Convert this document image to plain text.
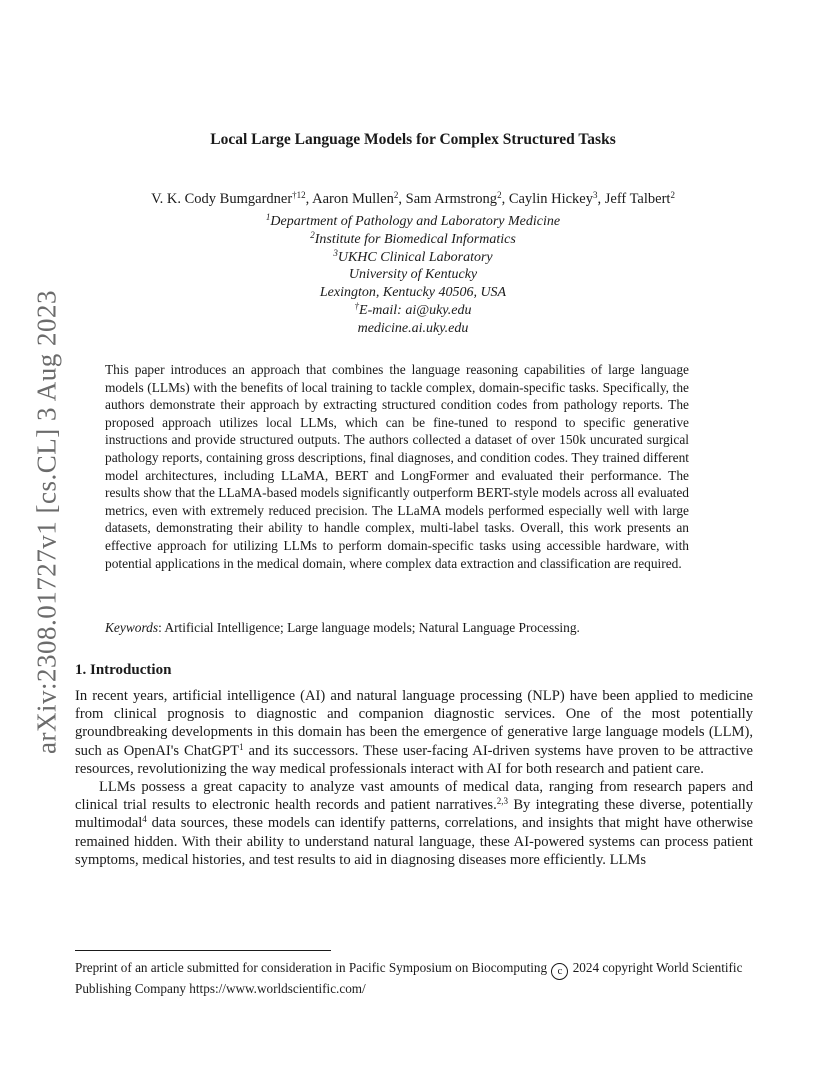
arXiv:2308.01727v1 [cs.CL] 3 Aug 2023
Local Large Language Models for Complex Structured Tasks
V. K. Cody Bumgardner$^{\dagger 12}$, Aaron Mullen$^2$, Sam Armstrong$^2$, Caylin Hickey$^3$, Jeff Talbert$^2$
$^1$Department of Pathology and Laboratory Medicine
$^2$Institute for Biomedical Informatics
$^3$UKHC Clinical Laboratory
University of Kentucky
Lexington, Kentucky 40506, USA
†E-mail: ai@uky.edu
medicine.ai.uky.edu
This paper introduces an approach that combines the language reasoning capabilities of large language models (LLMs) with the benefits of local training to tackle complex, domain-specific tasks. Specifically, the authors demonstrate their approach by extracting structured condition codes from pathology reports. The proposed approach utilizes local LLMs, which can be fine-tuned to respond to specific generative instructions and provide structured outputs. The authors collected a dataset of over 150k uncurated surgical pathology reports, containing gross descriptions, final diagnoses, and condition codes. They trained different model architectures, including LLaMA, BERT and LongFormer and evaluated their performance. The results show that the LLaMA-based models significantly outperform BERT-style models across all evaluated metrics, even with extremely reduced precision. The LLaMA models performed especially well with large datasets, demonstrating their ability to handle complex, multi-label tasks. Overall, this work presents an effective approach for utilizing LLMs to perform domain-specific tasks using accessible hardware, with potential applications in the medical domain, where complex data extraction and classification are required.
Keywords: Artificial Intelligence; Large language models; Natural Language Processing.
1. Introduction

In recent years, artificial intelligence (AI) and natural language processing (NLP) have been applied to medicine from clinical prognosis to diagnostic and companion diagnostic services. One of the most potentially groundbreaking developments in this domain has been the emergence of generative large language models (LLM), such as OpenAI's ChatGPT$^1$ and its successors. These user-facing AI-driven systems have proven to be attractive resources, revolutionizing the way medical professionals interact with AI for both research and patient care.

LLMs possess a great capacity to analyze vast amounts of medical data, ranging from research papers and clinical trial results to electronic health records and patient narratives.$^{2,3}$ By integrating these diverse, potentially multimodal$^4$ data sources, these models can identify patterns, correlations, and insights that might have otherwise remained hidden. With their ability to understand natural language, these AI-powered systems can process patient symptoms, medical histories, and test results to aid in diagnosing diseases more efficiently. LLMs

Preprint of an article submitted for consideration in Pacific Symposium on Biocomputing c 2024 copyright World Scientific Publishing Company https://www.worldscientific.com/
